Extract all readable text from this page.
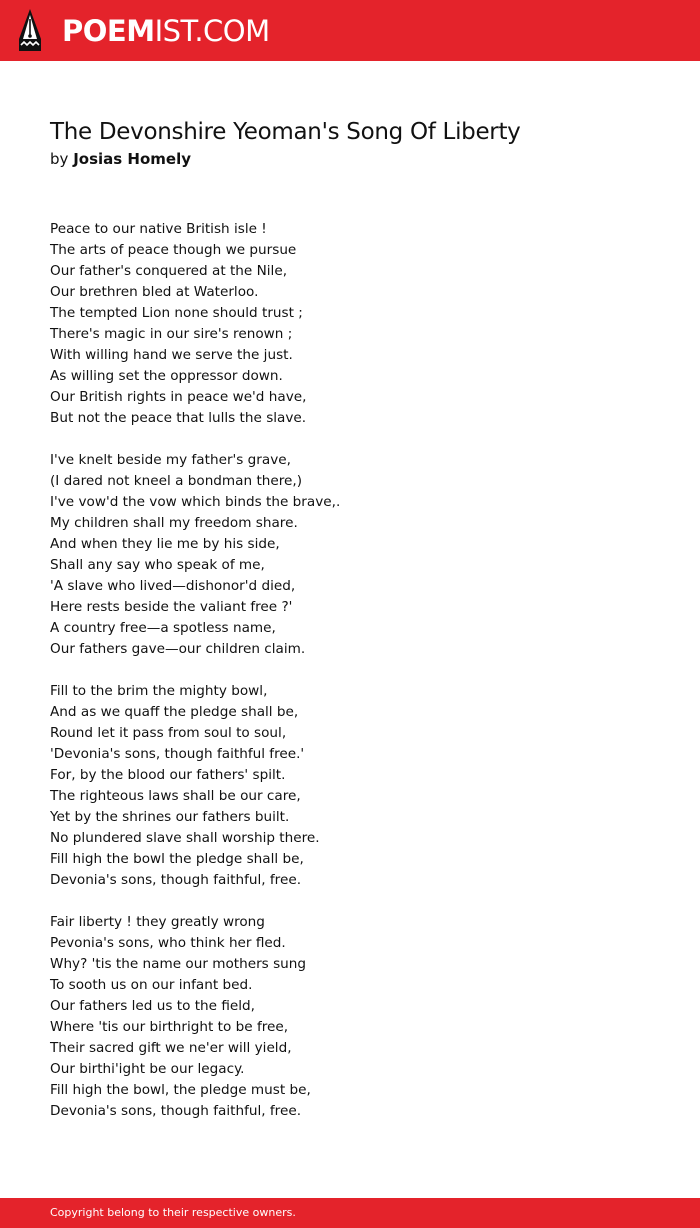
POEMIST.COM
The Devonshire Yeoman's Song Of Liberty
by Josias Homely
Peace to our native British isle !
The arts of peace though we pursue
Our father's conquered at the Nile,
Our brethren bled at Waterloo.
The tempted Lion none should trust ;
There's magic in our sire's renown ;
With willing hand we serve the just.
As willing set the oppressor down.
Our British rights in peace we'd have,
But not the peace that lulls the slave.
I've knelt beside my father's grave,
(I dared not kneel a bondman there,)
I've vow'd the vow which binds the brave,.
My children shall my freedom share.
And when they lie me by his side,
Shall any say who speak of me,
'A slave who lived—dishonor'd died,
Here rests beside the valiant free ?'
A country free—a spotless name,
Our fathers gave—our children claim.
Fill to the brim the mighty bowl,
And as we quaff the pledge shall be,
Round let it pass from soul to soul,
'Devonia's sons, though faithful free.'
For, by the blood our fathers' spilt.
The righteous laws shall be our care,
Yet by the shrines our fathers built.
No plundered slave shall worship there.
Fill high the bowl the pledge shall be,
Devonia's sons, though faithful, free.
Fair liberty ! they greatly wrong
Pevonia's sons, who think her fled.
Why? 'tis the name our mothers sung
To sooth us on our infant bed.
Our fathers led us to the field,
Where 'tis our birthright to be free,
Their sacred gift we ne'er will yield,
Our birthi'ight be our legacy.
Fill high the bowl, the pledge must be,
Devonia's sons, though faithful, free.
Copyright belong to their respective owners.
